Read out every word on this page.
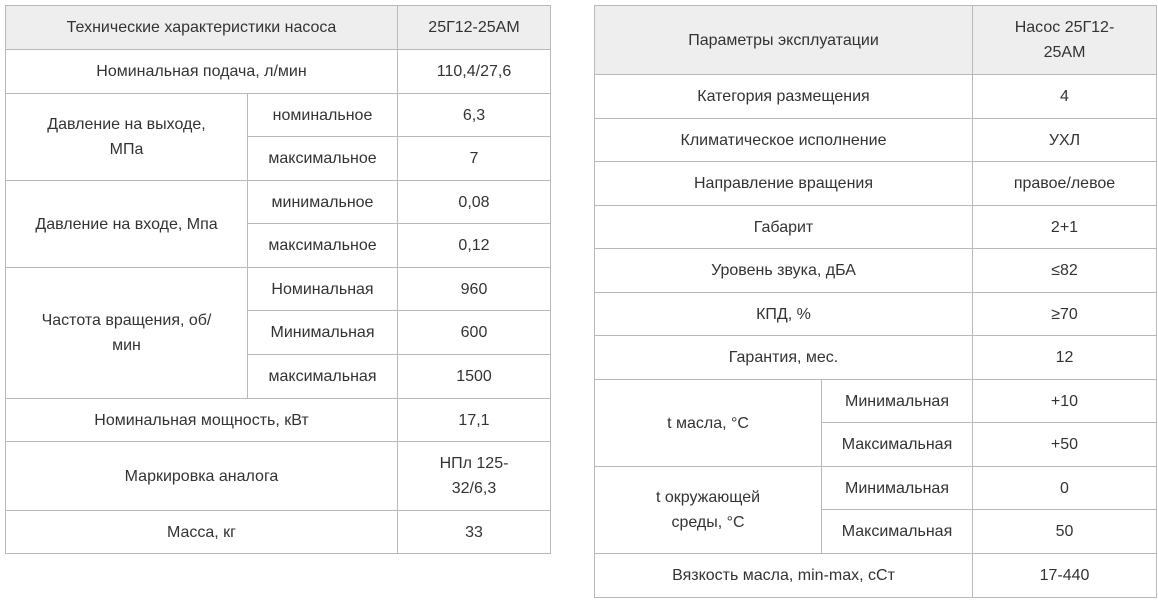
Технические характеристики насоса		25Г12-25АМ
Номинальная подача, л/мин		110,4/27,6
Давление на выходе, МПа	номинальное	6,3
	максимальное	7
Давление на входе, Мпа	минимальное	0,08
	максимальное	0,12
Частота вращения, об/мин	Номинальная	960
	Минимальная	600
	максимальная	1500
Номинальная мощность, кВт		17,1
Маркировка аналога		НПл 125-32/6,3
Масса, кг		33
Параметры эксплуатации		Насос 25Г12-25АМ
Категория размещения		4
Климатическое исполнение		УХЛ
Направление вращения		правое/левое
Габарит		2+1
Уровень звука, дБА		≤82
КПД, %		≥70
Гарантия, мес.		12
t масла, °C	Минимальная	+10
	Максимальная	+50
t окружающей среды, °C	Минимальная	0
	Максимальная	50
Вязкость масла, min-max, сСт		17-440
